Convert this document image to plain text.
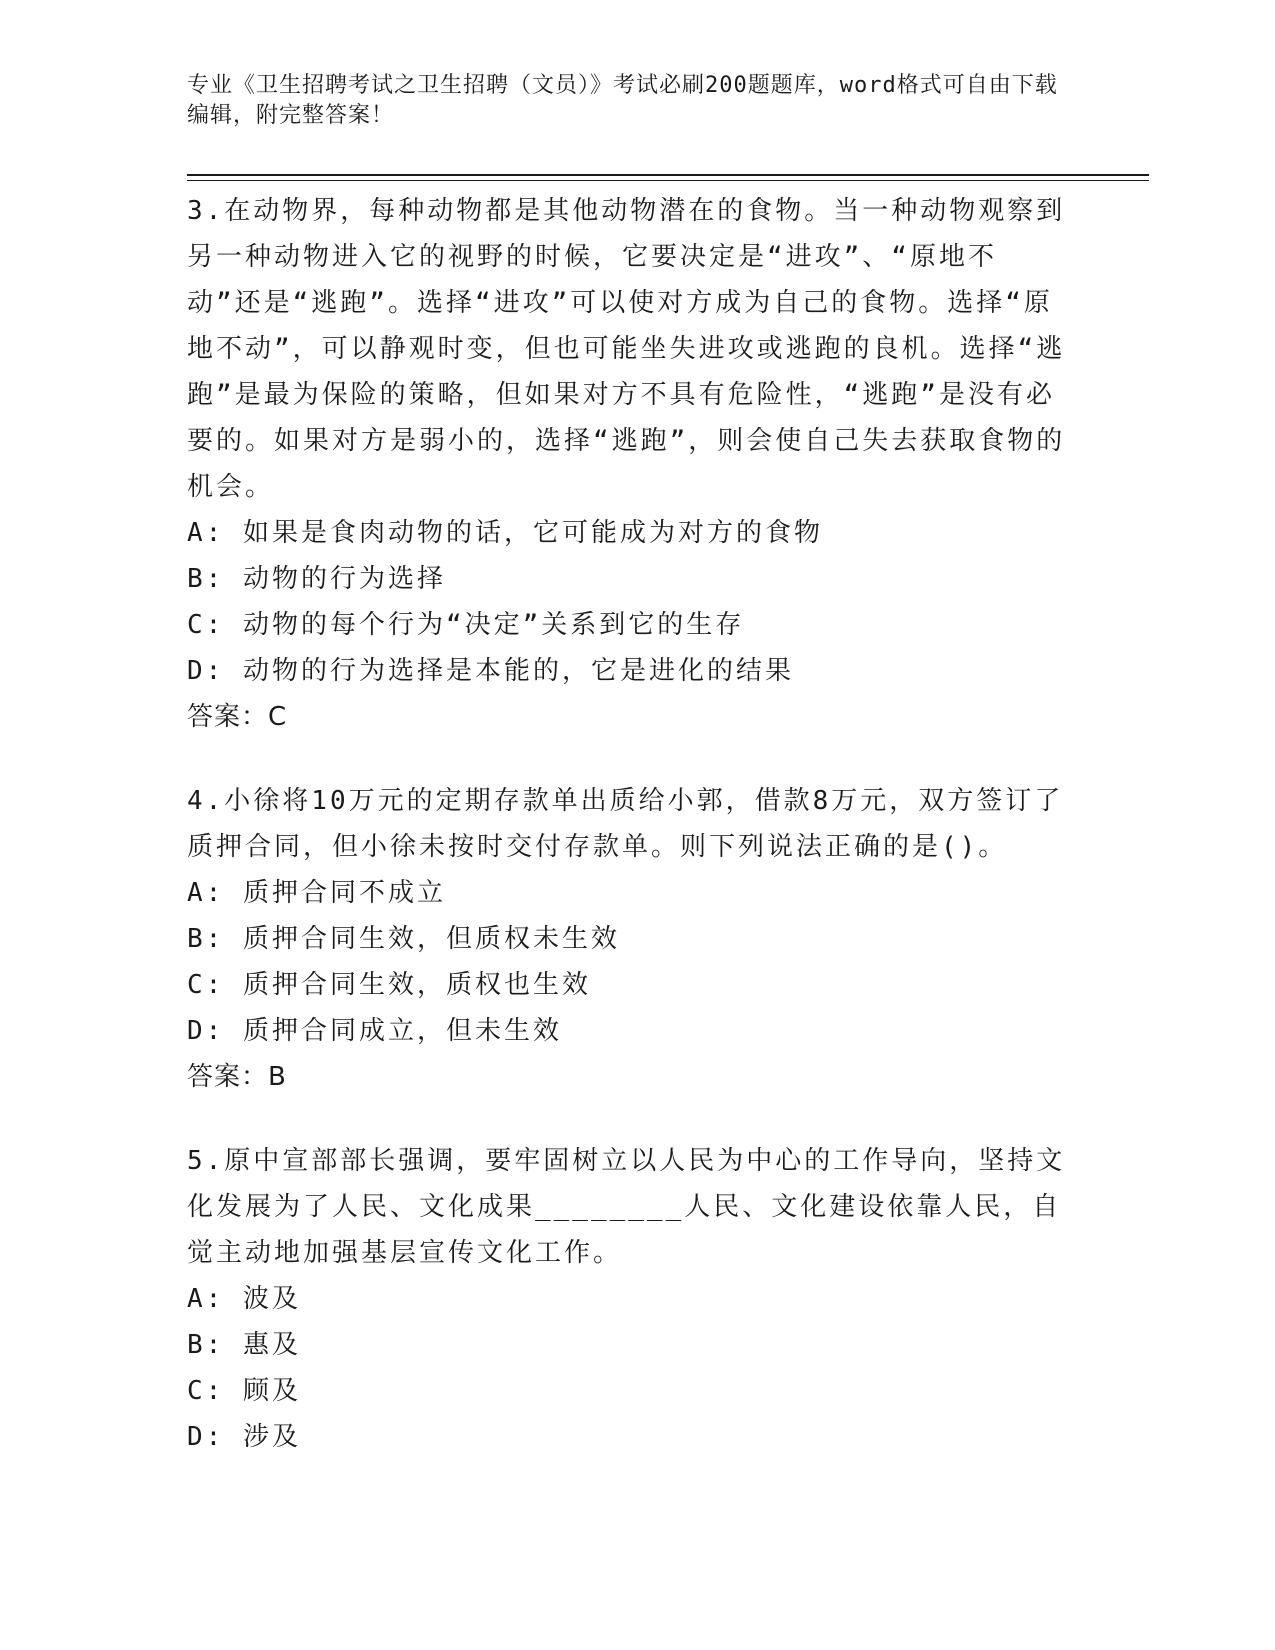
专业《卫生招聘考试之卫生招聘（文员）》考试必刷200题题库，word格式可自由下载编辑，附完整答案！

3.在动物界，每种动物都是其他动物潜在的食物。当一种动物观察到另一种动物进入它的视野的时候，它要决定是“进攻”、“原地不动”还是“逃跑”。选择“进攻”可以使对方成为自己的食物。选择“原地不动”，可以静观时变，但也可能坐失进攻或逃跑的良机。选择“逃跑”是最为保险的策略，但如果对方不具有危险性，“逃跑”是没有必要的。如果对方是弱小的，选择“逃跑”，则会使自己失去获取食物的机会。

A: 如果是食肉动物的话，它可能成为对方的食物

B: 动物的行为选择

C: 动物的每个行为“决定”关系到它的生存

D: 动物的行为选择是本能的，它是进化的结果

答案：C

4.小徐将10万元的定期存款单出质给小郭，借款8万元，双方签订了质押合同，但小徐未按时交付存款单。则下列说法正确的是()。

A: 质押合同不成立

B: 质押合同生效，但质权未生效

C: 质押合同生效，质权也生效

D: 质押合同成立，但未生效

答案：B

5.原中宣部部长强调，要牢固树立以人民为中心的工作导向，坚持文化发展为了人民、文化成果________人民、文化建设依靠人民，自觉主动地加强基层宣传文化工作。

A: 波及

B: 惠及

C: 顾及

D: 涉及
